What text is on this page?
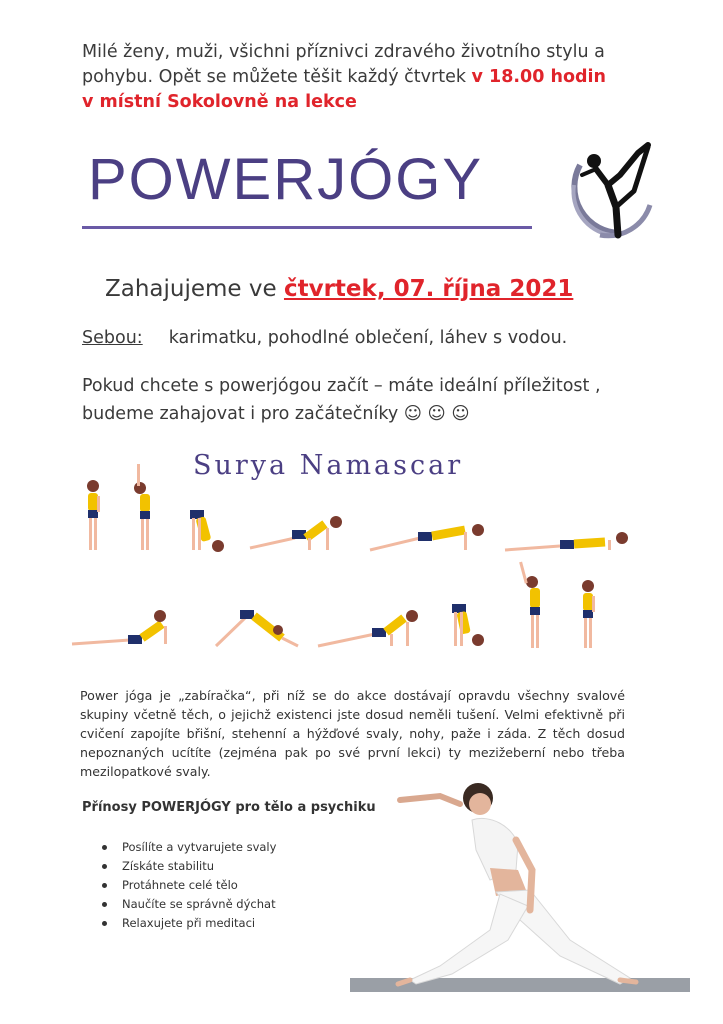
Milé ženy, muži, všichni příznivci zdravého životního stylu a
pohybu. Opět se můžete těšit každý čtvrtek v 18.00 hodin
v místní Sokolovně na lekce
POWERJÓGY
Zahajujeme ve čtvrtek, 07. října 2021
Sebou: karimatku, pohodlné oblečení, láhev s vodou.
Pokud chcete s powerjógou začít – máte ideální příležitost ,
budeme zahajovat i pro začátečníky ☺ ☺ ☺
Surya Namascar
Power jóga je „zabíračka“, při níž se do akce dostávají opravdu všechny svalové skupiny včetně těch, o jejichž existenci jste dosud neměli tušení. Velmi efektivně při cvičení zapojíte břišní, stehenní a hýžďové svaly, nohy, paže i záda. Z těch dosud nepoznaných ucítíte (zejména pak po své první lekci) ty mezižeberní nebo třeba mezilopatkové svaly.
Přínosy POWERJÓGY pro tělo a psychiku
Posílíte a vytvarujete svaly
Získáte stabilitu
Protáhnete celé tělo
Naučíte se správně dýchat
Relaxujete při meditaci
